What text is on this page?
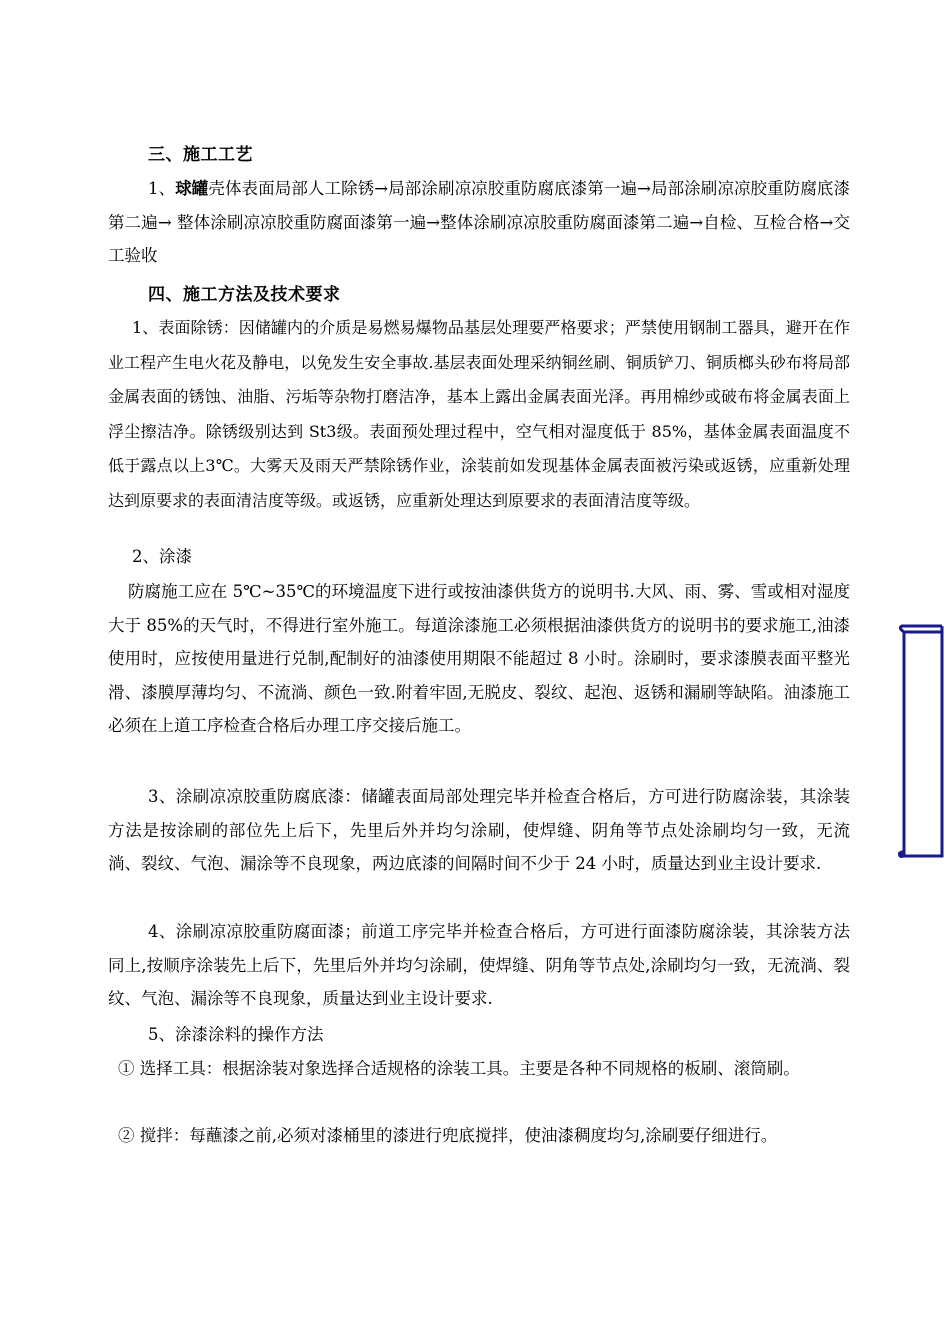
三、施工工艺
1、球罐壳体表面局部人工除锈→局部涂刷凉凉胶重防腐底漆第一遍→局部涂刷凉凉胶重防腐底漆第二遍→ 整体涂刷凉凉胶重防腐面漆第一遍→整体涂刷凉凉胶重防腐面漆第二遍→自检、互检合格→交工验收
四、施工方法及技术要求
1、表面除锈：因储罐内的介质是易燃易爆物品基层处理要严格要求；严禁使用钢制工器具，避开在作业工程产生电火花及静电，以免发生安全事故.基层表面处理采纳铜丝刷、铜质铲刀、铜质榔头砂布将局部金属表面的锈蚀、油脂、污垢等杂物打磨洁净，基本上露出金属表面光泽。再用棉纱或破布将金属表面上浮尘擦洁净。除锈级别达到 St3级。表面预处理过程中，空气相对湿度低于 85%，基体金属表面温度不低于露点以上3℃。大雾天及雨天严禁除锈作业，涂装前如发现基体金属表面被污染或返锈，应重新处理达到原要求的表面清洁度等级。或返锈，应重新处理达到原要求的表面清洁度等级。
2、涂漆
防腐施工应在 5℃~35℃的环境温度下进行或按油漆供货方的说明书.大风、雨、雾、雪或相对湿度大于 85%的天气时，不得进行室外施工。每道涂漆施工必须根据油漆供货方的说明书的要求施工,油漆使用时，应按使用量进行兑制,配制好的油漆使用期限不能超过 8 小时。涂刷时，要求漆膜表面平整光滑、漆膜厚薄均匀、不流淌、颜色一致.附着牢固,无脱皮、裂纹、起泡、返锈和漏刷等缺陷。油漆施工必须在上道工序检查合格后办理工序交接后施工。
3、涂刷凉凉胶重防腐底漆：储罐表面局部处理完毕并检查合格后，方可进行防腐涂装，其涂装方法是按涂刷的部位先上后下，先里后外并均匀涂刷，使焊缝、阴角等节点处涂刷均匀一致，无流淌、裂纹、气泡、漏涂等不良现象，两边底漆的间隔时间不少于 24 小时，质量达到业主设计要求.
4、涂刷凉凉胶重防腐面漆；前道工序完毕并检查合格后，方可进行面漆防腐涂装，其涂装方法同上,按顺序涂装先上后下，先里后外并均匀涂刷，使焊缝、阴角等节点处,涂刷均匀一致，无流淌、裂纹、气泡、漏涂等不良现象，质量达到业主设计要求.
5、涂漆涂料的操作方法
① 选择工具：根据涂装对象选择合适规格的涂装工具。主要是各种不同规格的板刷、滚筒刷。
② 搅拌：每蘸漆之前,必须对漆桶里的漆进行兜底搅拌，使油漆稠度均匀,涂刷要仔细进行。
